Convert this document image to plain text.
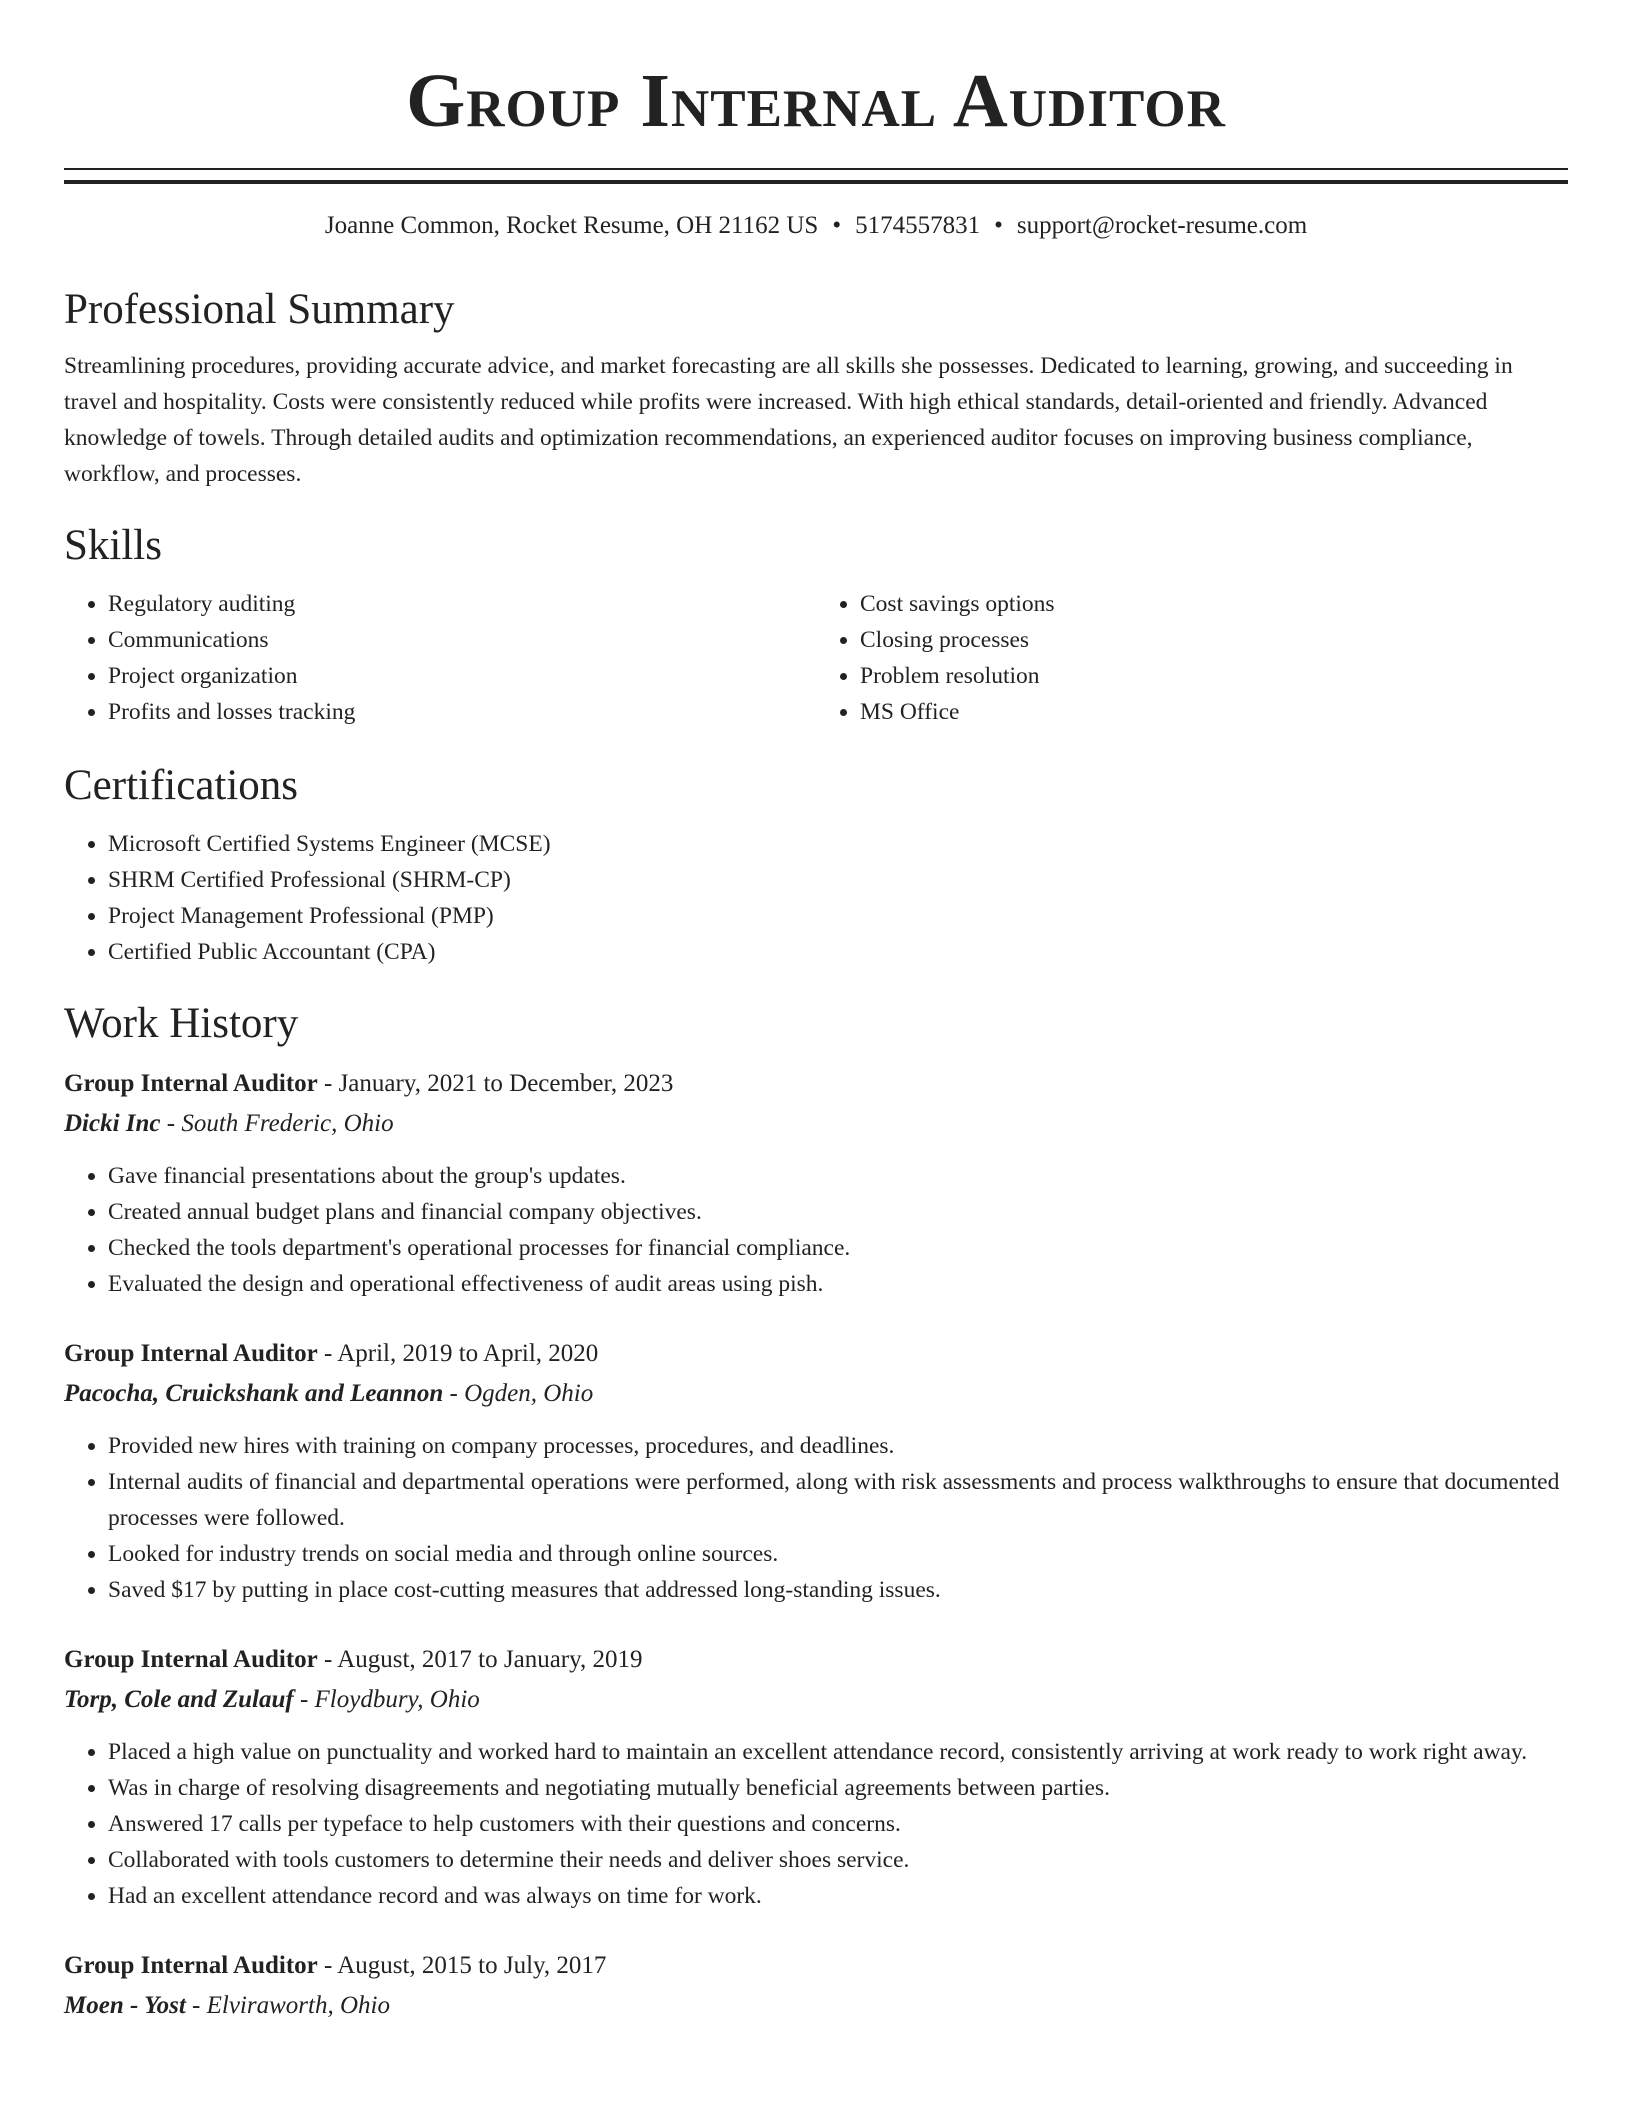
Group Internal Auditor
Joanne Common, Rocket Resume, OH 21162 US • 5174557831 • support@rocket-resume.com
Professional Summary
Streamlining procedures, providing accurate advice, and market forecasting are all skills she possesses. Dedicated to learning, growing, and succeeding in travel and hospitality. Costs were consistently reduced while profits were increased. With high ethical standards, detail-oriented and friendly. Advanced knowledge of towels. Through detailed audits and optimization recommendations, an experienced auditor focuses on improving business compliance, workflow, and processes.
Skills
• Regulatory auditing
• Communications
• Project organization
• Profits and losses tracking
• Cost savings options
• Closing processes
• Problem resolution
• MS Office
Certifications
• Microsoft Certified Systems Engineer (MCSE)
• SHRM Certified Professional (SHRM-CP)
• Project Management Professional (PMP)
• Certified Public Accountant (CPA)
Work History
Group Internal Auditor - January, 2021 to December, 2023
Dicki Inc - South Frederic, Ohio
• Gave financial presentations about the group's updates.
• Created annual budget plans and financial company objectives.
• Checked the tools department's operational processes for financial compliance.
• Evaluated the design and operational effectiveness of audit areas using pish.
Group Internal Auditor - April, 2019 to April, 2020
Pacocha, Cruickshank and Leannon - Ogden, Ohio
• Provided new hires with training on company processes, procedures, and deadlines.
• Internal audits of financial and departmental operations were performed, along with risk assessments and process walkthroughs to ensure that documented processes were followed.
• Looked for industry trends on social media and through online sources.
• Saved $17 by putting in place cost-cutting measures that addressed long-standing issues.
Group Internal Auditor - August, 2017 to January, 2019
Torp, Cole and Zulauf - Floydbury, Ohio
• Placed a high value on punctuality and worked hard to maintain an excellent attendance record, consistently arriving at work ready to work right away.
• Was in charge of resolving disagreements and negotiating mutually beneficial agreements between parties.
• Answered 17 calls per typeface to help customers with their questions and concerns.
• Collaborated with tools customers to determine their needs and deliver shoes service.
• Had an excellent attendance record and was always on time for work.
Group Internal Auditor - August, 2015 to July, 2017
Moen - Yost - Elviraworth, Ohio
